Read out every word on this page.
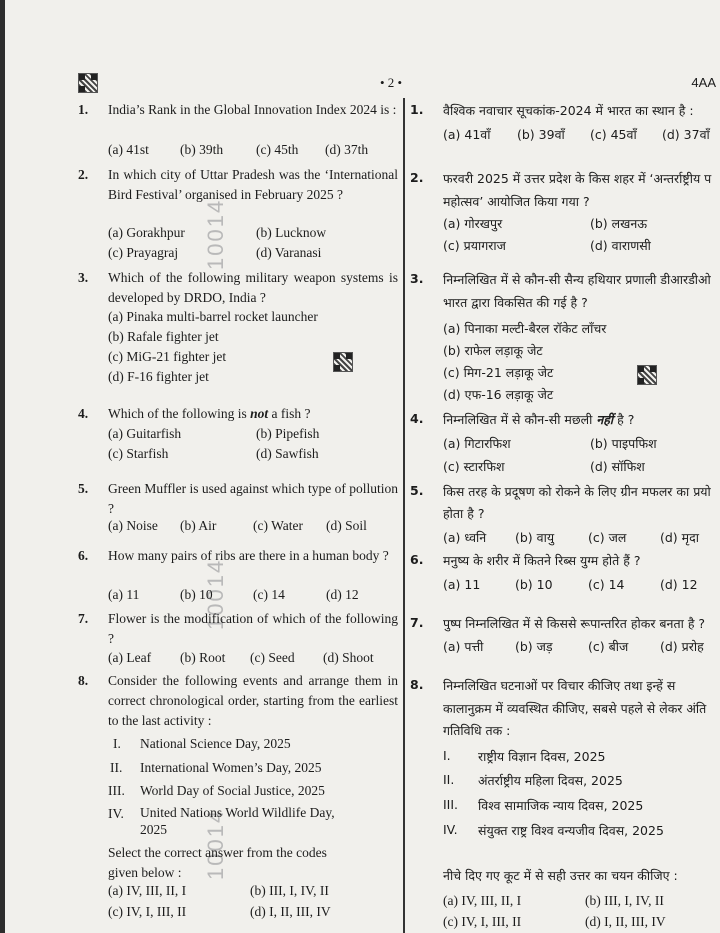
• 2 •	4AA
10014
10014
10014
1. India’s Rank in the Global Innovation Index 2024 is :
(a) 41st (b) 39th (c) 45th (d) 37th
2. In which city of Uttar Pradesh was the ‘International Bird Festival’ organised in February 2025 ?
(a) Gorakhpur	(b) Lucknow
(c) Prayagraj	(d) Varanasi
3. Which of the following military weapon systems is developed by DRDO, India ?
(a) Pinaka multi-barrel rocket launcher
(b) Rafale fighter jet
(c) MiG-21 fighter jet
(d) F-16 fighter jet
4. Which of the following is not a fish ?
(a) Guitarfish	(b) Pipefish
(c) Starfish	(d) Sawfish
5. Green Muffler is used against which type of pollution ?
(a) Noise (b) Air	(c) Water (d) Soil
6. How many pairs of ribs are there in a human body ?
(a) 11	(b) 10	(c) 14	(d) 12
7. Flower is the modification of which of the following ?
(a) Leaf (b) Root (c) Seed (d) Shoot
8. Consider the following events and arrange them in correct chronological order, starting from the earliest to the last activity :
I. National Science Day, 2025
II. International Women’s Day, 2025
III. World Day of Social Justice, 2025
IV. United Nations World Wildlife Day, 2025
Select the correct answer from the codes given below :
(a) IV, III, II, I	(b) III, I, IV, II
(c) IV, I, III, II	(d) I, II, III, IV
1. वैश्विक नवाचार सूचकांक-2024 में भारत का स्थान है :
(a) 41वाँ (b) 39वाँ (c) 45वाँ (d) 37वाँ
2. फरवरी 2025 में उत्तर प्रदेश के किस शहर में ‘अन्तर्राष्ट्रीय प
महोत्सव’ आयोजित किया गया ?
(a) गोरखपुर	(b) लखनऊ
(c) प्रयागराज	(d) वाराणसी
3. निम्नलिखित में से कौन-सी सैन्य हथियार प्रणाली डीआरडीओ
भारत द्वारा विकसित की गई है ?
(a) पिनाका मल्टी-बैरल रॉकेट लॉंचर
(b) राफेल लड़ाकू जेट
(c) मिग-21 लड़ाकू जेट
(d) एफ-16 लड़ाकू जेट
4. निम्नलिखित में से कौन-सी मछली नहीं है ?
(a) गिटारफिश	(b) पाइपफिश
(c) स्टारफिश	(d) सॉफिश
5. किस तरह के प्रदूषण को रोकने के लिए ग्रीन मफलर का प्रयो
होता है ?
(a) ध्वनि (b) वायु	(c) जल	(d) मृदा
6. मनुष्य के शरीर में कितने रिब्स युग्म होते हैं ?
(a) 11	(b) 10	(c) 14	(d) 12
7. पुष्प निम्नलिखित में से किससे रूपान्तरित होकर बनता है ?
(a) पत्ती	(b) जड़	(c) बीज	(d) प्ररोह
8. निम्नलिखित घटनाओं पर विचार कीजिए तथा इन्हें स
कालानुक्रम में व्यवस्थित कीजिए, सबसे पहले से लेकर अंति
गतिविधि तक :
I. राष्ट्रीय विज्ञान दिवस, 2025
II. अंतर्राष्ट्रीय महिला दिवस, 2025
III. विश्व सामाजिक न्याय दिवस, 2025
IV. संयुक्त राष्ट्र विश्व वन्यजीव दिवस, 2025
नीचे दिए गए कूट में से सही उत्तर का चयन कीजिए :
(a) IV, III, II, I	(b) III, I, IV, II
(c) IV, I, III, II	(d) I, II, III, IV
